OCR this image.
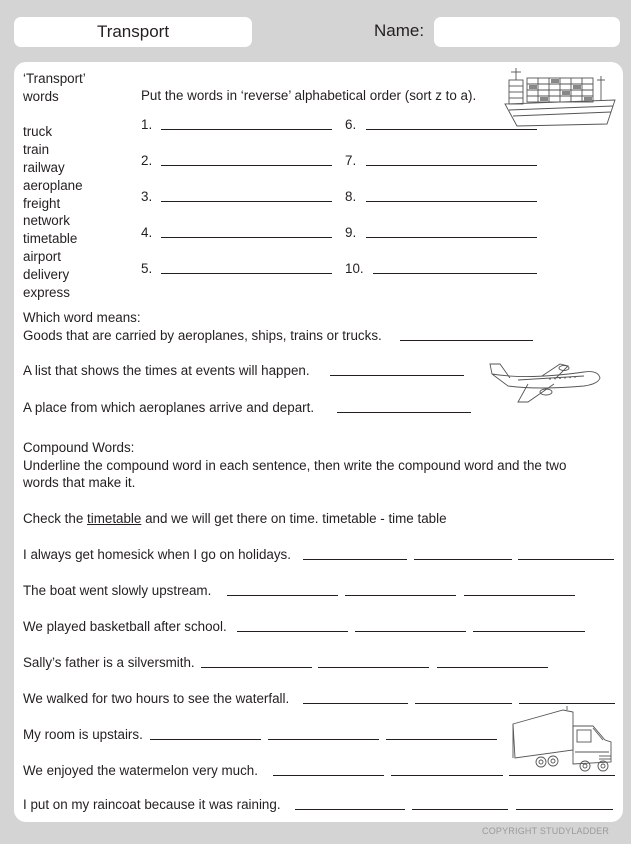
Transport	Name:
‘Transport’
words
truck
train
railway
aeroplane
freight
network
timetable
airport
delivery
express
Put the words in ‘reverse’ alphabetical order (sort z to a).
1.
2.
3.
4.
5.
6.
7.
8.
9.
10.
Which word means:
Goods that are carried by aeroplanes, ships, trains or trucks.
A list that shows the times at events will happen.
A place from which aeroplanes arrive and depart.
Compound Words:
Underline the compound word in each sentence, then write the compound word and the two
words that make it.
Check the timetable and we will get there on time. timetable - time table
I always get homesick when I go on holidays.
The boat went slowly upstream.
We played basketball after school.
Sally’s father is a silversmith.
We walked for two hours to see the waterfall.
My room is upstairs.
We enjoyed the watermelon very much.
I put on my raincoat because it was raining.
COPYRIGHT STUDYLADDER
